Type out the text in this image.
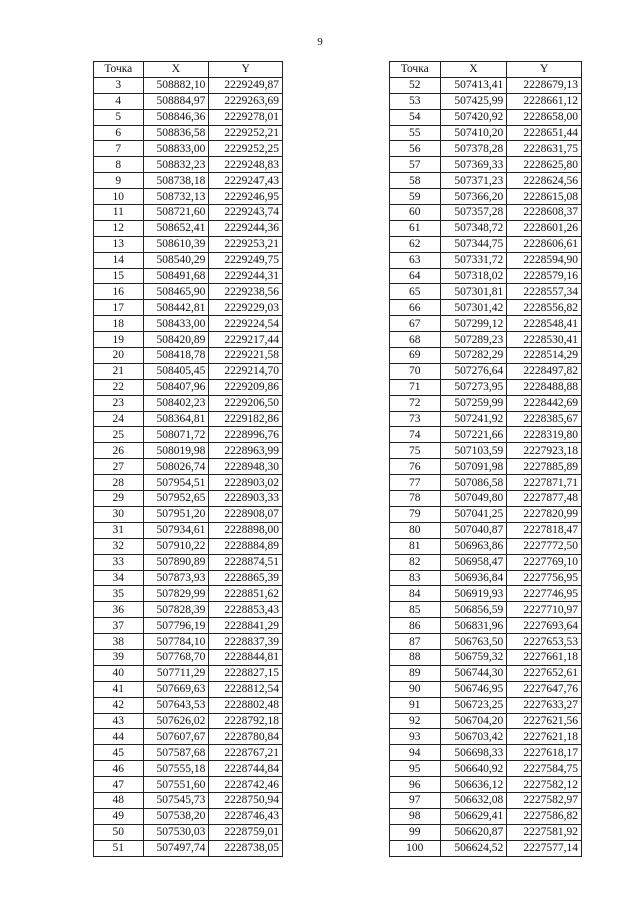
9
Точка	X	Y
3	508882,10	2229249,87
4	508884,97	2229263,69
5	508846,36	2229278,01
6	508836,58	2229252,21
7	508833,00	2229252,25
8	508832,23	2229248,83
9	508738,18	2229247,43
10	508732,13	2229246,95
11	508721,60	2229243,74
12	508652,41	2229244,36
13	508610,39	2229253,21
14	508540,29	2229249,75
15	508491,68	2229244,31
16	508465,90	2229238,56
17	508442,81	2229229,03
18	508433,00	2229224,54
19	508420,89	2229217,44
20	508418,78	2229221,58
21	508405,45	2229214,70
22	508407,96	2229209,86
23	508402,23	2229206,50
24	508364,81	2229182,86
25	508071,72	2228996,76
26	508019,98	2228963,99
27	508026,74	2228948,30
28	507954,51	2228903,02
29	507952,65	2228903,33
30	507951,20	2228908,07
31	507934,61	2228898,00
32	507910,22	2228884,89
33	507890,89	2228874,51
34	507873,93	2228865,39
35	507829,99	2228851,62
36	507828,39	2228853,43
37	507796,19	2228841,29
38	507784,10	2228837,39
39	507768,70	2228844,81
40	507711,29	2228827,15
41	507669,63	2228812,54
42	507643,53	2228802,48
43	507626,02	2228792,18
44	507607,67	2228780,84
45	507587,68	2228767,21
46	507555,18	2228744,84
47	507551,60	2228742,46
48	507545,73	2228750,94
49	507538,20	2228746,43
50	507530,03	2228759,01
51	507497,74	2228738,05
Точка	X	Y
52	507413,41	2228679,13
53	507425,99	2228661,12
54	507420,92	2228658,00
55	507410,20	2228651,44
56	507378,28	2228631,75
57	507369,33	2228625,80
58	507371,23	2228624,56
59	507366,20	2228615,08
60	507357,28	2228608,37
61	507348,72	2228601,26
62	507344,75	2228606,61
63	507331,72	2228594,90
64	507318,02	2228579,16
65	507301,81	2228557,34
66	507301,42	2228556,82
67	507299,12	2228548,41
68	507289,23	2228530,41
69	507282,29	2228514,29
70	507276,64	2228497,82
71	507273,95	2228488,88
72	507259,99	2228442,69
73	507241,92	2228385,67
74	507221,66	2228319,80
75	507103,59	2227923,18
76	507091,98	2227885,89
77	507086,58	2227871,71
78	507049,80	2227877,48
79	507041,25	2227820,99
80	507040,87	2227818,47
81	506963,86	2227772,50
82	506958,47	2227769,10
83	506936,84	2227756,95
84	506919,93	2227746,95
85	506856,59	2227710,97
86	506831,96	2227693,64
87	506763,50	2227653,53
88	506759,32	2227661,18
89	506744,30	2227652,61
90	506746,95	2227647,76
91	506723,25	2227633,27
92	506704,20	2227621,56
93	506703,42	2227621,18
94	506698,33	2227618,17
95	506640,92	2227584,75
96	506636,12	2227582,12
97	506632,08	2227582,97
98	506629,41	2227586,82
99	506620,87	2227581,92
100	506624,52	2227577,14
